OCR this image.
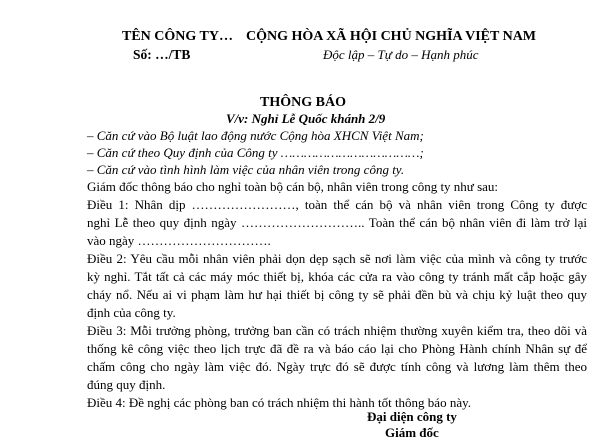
TÊN CÔNG TY…
Số: …/TB
CỘNG HÒA XÃ HỘI CHỦ NGHĨA VIỆT NAM
Độc lập – Tự do – Hạnh phúc
THÔNG BÁO
V/v: Nghỉ Lễ Quốc khánh 2/9
– Căn cứ vào Bộ luật lao động nước Cộng hòa XHCN Việt Nam;
– Căn cứ theo Quy định của Công ty ………………………………;
– Căn cứ vào tình hình làm việc của nhân viên trong công ty.
Giám đốc thông báo cho nghỉ toàn bộ cán bộ, nhân viên trong công ty như sau:
Điều 1: Nhân dịp ……………………, toàn thể cán bộ và nhân viên trong Công ty được
nghỉ Lễ theo quy định ngày ……………………….. Toàn thể cán bộ nhân viên đi làm trở lại
vào ngày ………………………….
Điều 2: Yêu cầu mỗi nhân viên phải dọn dẹp sạch sẽ nơi làm việc của mình và công ty trước
kỳ nghỉ. Tắt tất cả các máy móc thiết bị, khóa các cửa ra vào công ty tránh mất cắp hoặc gây
cháy nổ. Nếu ai vi phạm làm hư hại thiết bị công ty sẽ phải đền bù và chịu kỷ luật theo quy
định của công ty.
Điều 3: Mỗi trưởng phòng, trưởng ban cần có trách nhiệm thường xuyên kiểm tra, theo dõi và
thống kê công việc theo lịch trực đã đề ra và báo cáo lại cho Phòng Hành chính Nhân sự để
chấm công cho ngày làm việc đó. Ngày trực đó sẽ được tính công và lương làm thêm theo
đúng quy định.
Điều 4: Đề nghị các phòng ban có trách nhiệm thi hành tốt thông báo này.
Đại diện công ty
Giám đốc
